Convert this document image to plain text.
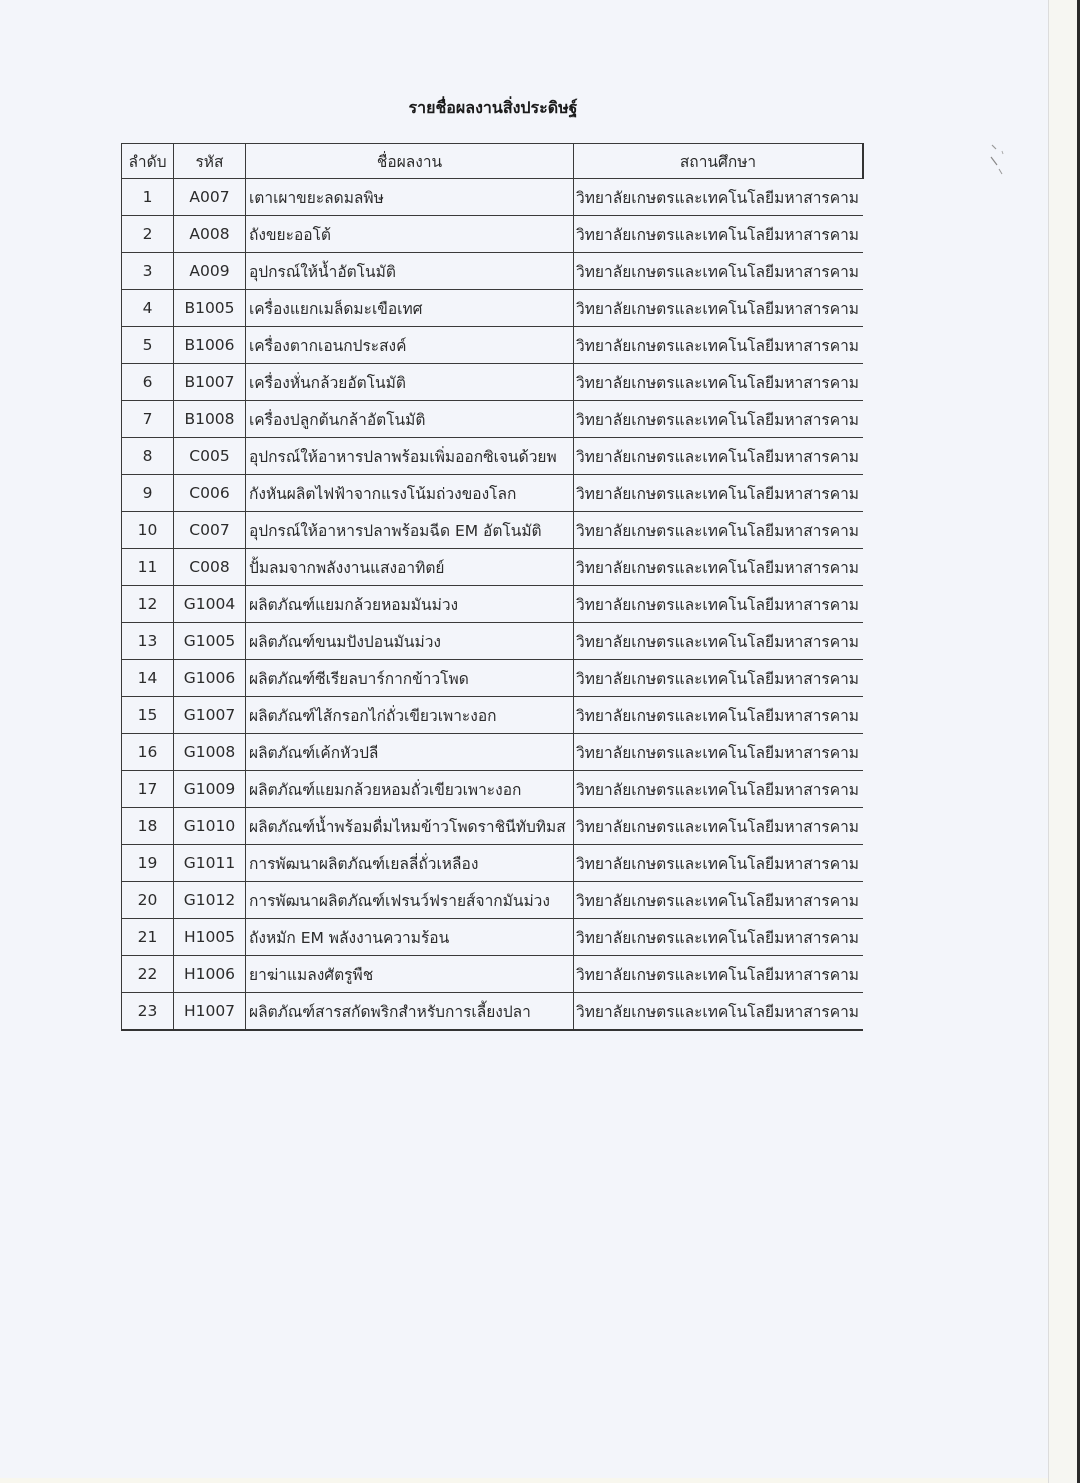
รายชื่อผลงานสิ่งประดิษฐ์
ลำดับ	รหัส	ชื่อผลงาน	สถานศึกษา
1	A007	เตาเผาขยะลดมลพิษ	วิทยาลัยเกษตรและเทคโนโลยีมหาสารคาม
2	A008	ถังขยะออโต้	วิทยาลัยเกษตรและเทคโนโลยีมหาสารคาม
3	A009	อุปกรณ์ให้น้ำอัตโนมัติ	วิทยาลัยเกษตรและเทคโนโลยีมหาสารคาม
4	B1005	เครื่องแยกเมล็ดมะเขือเทศ	วิทยาลัยเกษตรและเทคโนโลยีมหาสารคาม
5	B1006	เครื่องตากเอนกประสงค์	วิทยาลัยเกษตรและเทคโนโลยีมหาสารคาม
6	B1007	เครื่องหั่นกล้วยอัตโนมัติ	วิทยาลัยเกษตรและเทคโนโลยีมหาสารคาม
7	B1008	เครื่องปลูกต้นกล้าอัตโนมัติ	วิทยาลัยเกษตรและเทคโนโลยีมหาสารคาม
8	C005	อุปกรณ์ให้อาหารปลาพร้อมเพิ่มออกซิเจนด้วยพ	วิทยาลัยเกษตรและเทคโนโลยีมหาสารคาม
9	C006	กังหันผลิตไฟฟ้าจากแรงโน้มถ่วงของโลก	วิทยาลัยเกษตรและเทคโนโลยีมหาสารคาม
10	C007	อุปกรณ์ให้อาหารปลาพร้อมฉีด EM อัตโนมัติ	วิทยาลัยเกษตรและเทคโนโลยีมหาสารคาม
11	C008	ปั้มลมจากพลังงานแสงอาทิตย์	วิทยาลัยเกษตรและเทคโนโลยีมหาสารคาม
12	G1004	ผลิตภัณฑ์แยมกล้วยหอมมันม่วง	วิทยาลัยเกษตรและเทคโนโลยีมหาสารคาม
13	G1005	ผลิตภัณฑ์ขนมปังปอนมันม่วง	วิทยาลัยเกษตรและเทคโนโลยีมหาสารคาม
14	G1006	ผลิตภัณฑ์ซีเรียลบาร์กากข้าวโพด	วิทยาลัยเกษตรและเทคโนโลยีมหาสารคาม
15	G1007	ผลิตภัณฑ์ไส้กรอกไก่ถั่วเขียวเพาะงอก	วิทยาลัยเกษตรและเทคโนโลยีมหาสารคาม
16	G1008	ผลิตภัณฑ์เค้กหัวปลี	วิทยาลัยเกษตรและเทคโนโลยีมหาสารคาม
17	G1009	ผลิตภัณฑ์แยมกล้วยหอมถั่วเขียวเพาะงอก	วิทยาลัยเกษตรและเทคโนโลยีมหาสารคาม
18	G1010	ผลิตภัณฑ์น้ำพร้อมดื่มไหมข้าวโพดราชินีทับทิมส	วิทยาลัยเกษตรและเทคโนโลยีมหาสารคาม
19	G1011	การพัฒนาผลิตภัณฑ์เยลลี่ถั่วเหลือง	วิทยาลัยเกษตรและเทคโนโลยีมหาสารคาม
20	G1012	การพัฒนาผลิตภัณฑ์เฟรนว์ฟรายส์จากมันม่วง	วิทยาลัยเกษตรและเทคโนโลยีมหาสารคาม
21	H1005	ถังหมัก EM พลังงานความร้อน	วิทยาลัยเกษตรและเทคโนโลยีมหาสารคาม
22	H1006	ยาฆ่าแมลงศัตรูพืช	วิทยาลัยเกษตรและเทคโนโลยีมหาสารคาม
23	H1007	ผลิตภัณฑ์สารสกัดพริกสำหรับการเลี้ยงปลา	วิทยาลัยเกษตรและเทคโนโลยีมหาสารคาม
